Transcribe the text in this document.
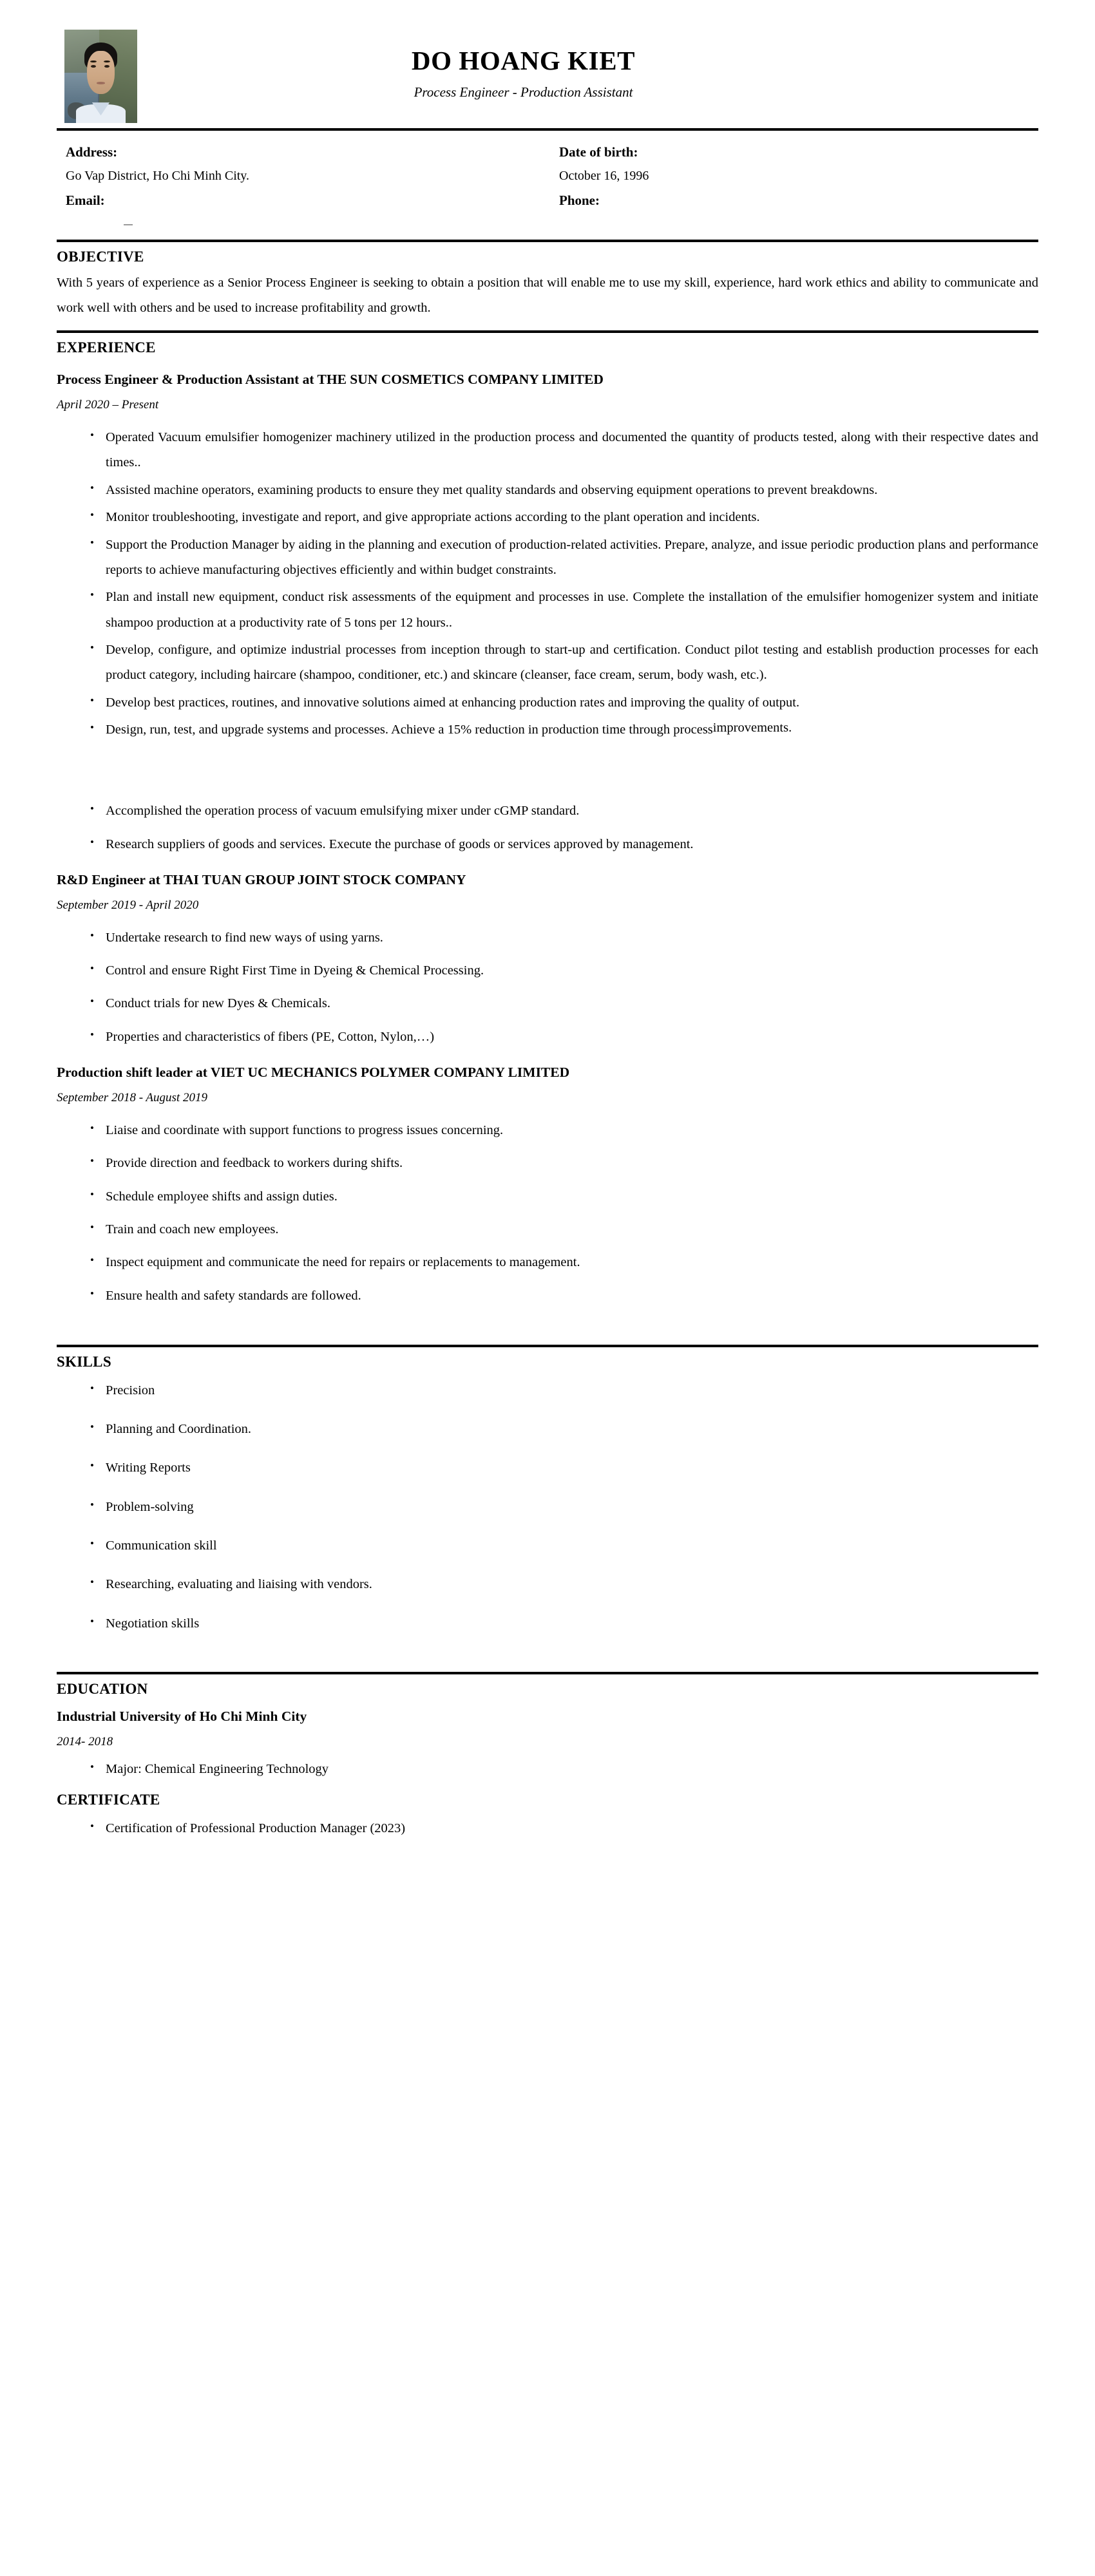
DO HOANG KIET

Process Engineer - Production Assistant

Address:
Go Vap District, Ho Chi Minh City.
Email:
Date of birth:
October 16, 1996
Phone:
OBJECTIVE

With 5 years of experience as a Senior Process Engineer is seeking to obtain a position that will enable me to use my skill, experience, hard work ethics and ability to communicate and work well with others and be used to increase profitability and growth.

EXPERIENCE
Process Engineer & Production Assistant at THE SUN COSMETICS COMPANY LIMITED
April 2020 – Present
• Operated Vacuum emulsifier homogenizer machinery utilized in the production process and documented the quantity of products tested, along with their respective dates and times..
• Assisted machine operators, examining products to ensure they met quality standards and observing equipment operations to prevent breakdowns.
• Monitor troubleshooting, investigate and report, and give appropriate actions according to the plant operation and incidents.
• Support the Production Manager by aiding in the planning and execution of production-related activities. Prepare, analyze, and issue periodic production plans and performance reports to achieve manufacturing objectives efficiently and within budget constraints.
• Plan and install new equipment, conduct risk assessments of the equipment and processes in use. Complete the installation of the emulsifier homogenizer system and initiate shampoo production at a productivity rate of 5 tons per 12 hours..
• Develop, configure, and optimize industrial processes from inception through to start-up and certification. Conduct pilot testing and establish production processes for each product category, including haircare (shampoo, conditioner, etc.) and skincare (cleanser, face cream, serum, body wash, etc.).
• Develop best practices, routines, and innovative solutions aimed at enhancing production rates and improving the quality of output.
• Design, run, test, and upgrade systems and processes. Achieve a 15% reduction in production time through process
• Accomplished the operation process of vacuum emulsifying mixer under cGMP standard.
• Research suppliers of goods and services. Execute the purchase of goods or services approved by management.
R&D Engineer at THAI TUAN GROUP JOINT STOCK COMPANY
September 2019 - April 2020
• Undertake research to find new ways of using yarns.
• Control and ensure Right First Time in Dyeing & Chemical Processing.
• Conduct trials for new Dyes & Chemicals.
• Properties and characteristics of fibers (PE, Cotton, Nylon,…)
Production shift leader at VIET UC MECHANICS POLYMER COMPANY LIMITED
September 2018 - August 2019
• Liaise and coordinate with support functions to progress issues concerning.
• Provide direction and feedback to workers during shifts.
• Schedule employee shifts and assign duties.
• Train and coach new employees.
• Inspect equipment and communicate the need for repairs or replacements to management.
• Ensure health and safety standards are followed.
SKILLS
• Precision
• Planning and Coordination.
• Writing Reports
• Problem-solving
• Communication skill
• Researching, evaluating and liaising with vendors.
• Negotiation skills
EDUCATION
Industrial University of Ho Chi Minh City
2014- 2018
• Major: Chemical Engineering Technology
CERTIFICATE
• Certification of Professional Production Manager (2023)
